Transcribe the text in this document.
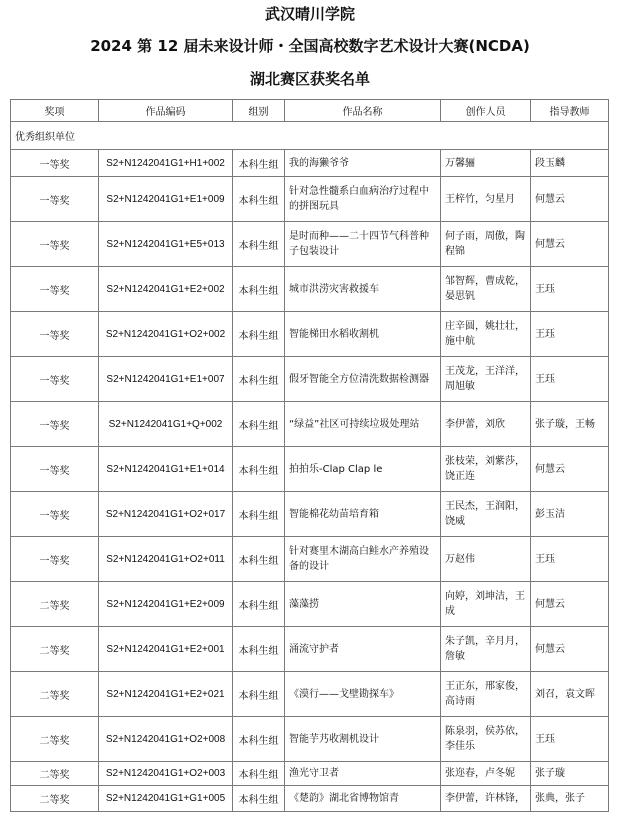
武汉晴川学院
2024 第 12 届未来设计师・全国高校数字艺术设计大赛(NCDA)
湖北赛区获奖名单
奖项	作品编码	组别	作品名称	创作人员	指导教师
优秀组织单位					
一等奖	S2+N1242041G1+H1+002	本科生组	我的海獭爷爷	万馨骊	段玉麟
一等奖	S2+N1242041G1+E1+009	本科生组	针对急性髓系白血病治疗过程中的拼图玩具	王梓竹，匀星月	何慧云
一等奖	S2+N1242041G1+E5+013	本科生组	是时而种——二十四节气科普种子包装设计	何子雨，周傲，陶程锦	何慧云
一等奖	S2+N1242041G1+E2+002	本科生组	城市洪涝灾害救援车	邹智辉，曹成乾，晏思钒	王珏
一等奖	S2+N1242041G1+O2+002	本科生组	智能梯田水稻收割机	庄辛圆，姚壮壮，施中航	王珏
一等奖	S2+N1242041G1+E1+007	本科生组	假牙智能全方位清洗数据检测器	王茂龙，王洋洋，周旭敏	王珏
一等奖	S2+N1242041G1+Q+002	本科生组	“绿益”社区可持续垃圾处理站	李伊蕾，刘欣	张子璇，王畅
一等奖	S2+N1242041G1+E1+014	本科生组	拍拍乐-Clap Clap le	张枝荣，刘紫莎，饶正连	何慧云
一等奖	S2+N1242041G1+O2+017	本科生组	智能棉花幼苗培育箱	王民杰，王润阳，饶威	彭玉洁
一等奖	S2+N1242041G1+O2+011	本科生组	针对赛里木湖高白鲑水产养殖设备的设计	万赵伟	王珏
二等奖	S2+N1242041G1+E2+009	本科生组	藻藻捞	向婷，刘坤洁，王成	何慧云
二等奖	S2+N1242041G1+E2+001	本科生组	涌流守护者	朱子凯，辛月月，詹敏	何慧云
二等奖	S2+N1242041G1+E2+021	本科生组	《漠行——戈壁勘探车》	王正东，邢家俊，高诗雨	刘召，袁文晖
二等奖	S2+N1242041G1+O2+008	本科生组	智能芋艿收割机设计	陈泉羽，侯苏依，李佳乐	王珏
二等奖	S2+N1242041G1+O2+003	本科生组	渔光守卫者	张迩春，卢冬妮	张子璇
二等奖	S2+N1242041G1+G1+005	本科生组	《楚韵》湖北省博物馆青	李伊蕾，许林锋，	张典，张子
